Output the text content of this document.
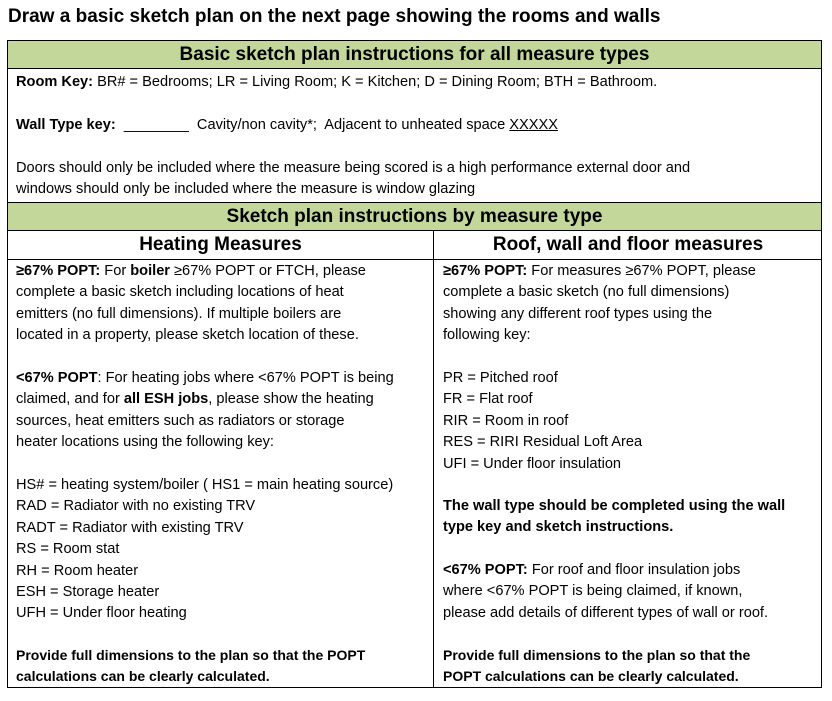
Draw a basic sketch plan on the next page showing the rooms and walls
Basic sketch plan instructions for all measure types
Room Key: BR# = Bedrooms; LR = Living Room; K = Kitchen; D = Dining Room; BTH = Bathroom.
Wall Type key:  ________  Cavity/non cavity*;  Adjacent to unheated space XXXXX
Doors should only be included where the measure being scored is a high performance external door and
windows should only be included where the measure is window glazing
Sketch plan instructions by measure type
Heating Measures	Roof, wall and floor measures
≥67% POPT: For boiler ≥67% POPT or FTCH, please
complete a basic sketch including locations of heat
emitters (no full dimensions). If multiple boilers are
located in a property, please sketch location of these.
<67% POPT: For heating jobs where <67% POPT is being
claimed, and for all ESH jobs, please show the heating
sources, heat emitters such as radiators or storage
heater locations using the following key:
HS# = heating system/boiler ( HS1 = main heating source)
RAD = Radiator with no existing TRV
RADT = Radiator with existing TRV
RS = Room stat
RH = Room heater
ESH = Storage heater
UFH = Under floor heating
Provide full dimensions to the plan so that the POPT
calculations can be clearly calculated.
≥67% POPT: For measures ≥67% POPT, please
complete a basic sketch (no full dimensions)
showing any different roof types using the
following key:
PR = Pitched roof
FR = Flat roof
RIR = Room in roof
RES = RIRI Residual Loft Area
UFI = Under floor insulation
The wall type should be completed using the wall
type key and sketch instructions.
<67% POPT: For roof and floor insulation jobs
where <67% POPT is being claimed, if known,
please add details of different types of wall or roof.
Provide full dimensions to the plan so that the
POPT calculations can be clearly calculated.
